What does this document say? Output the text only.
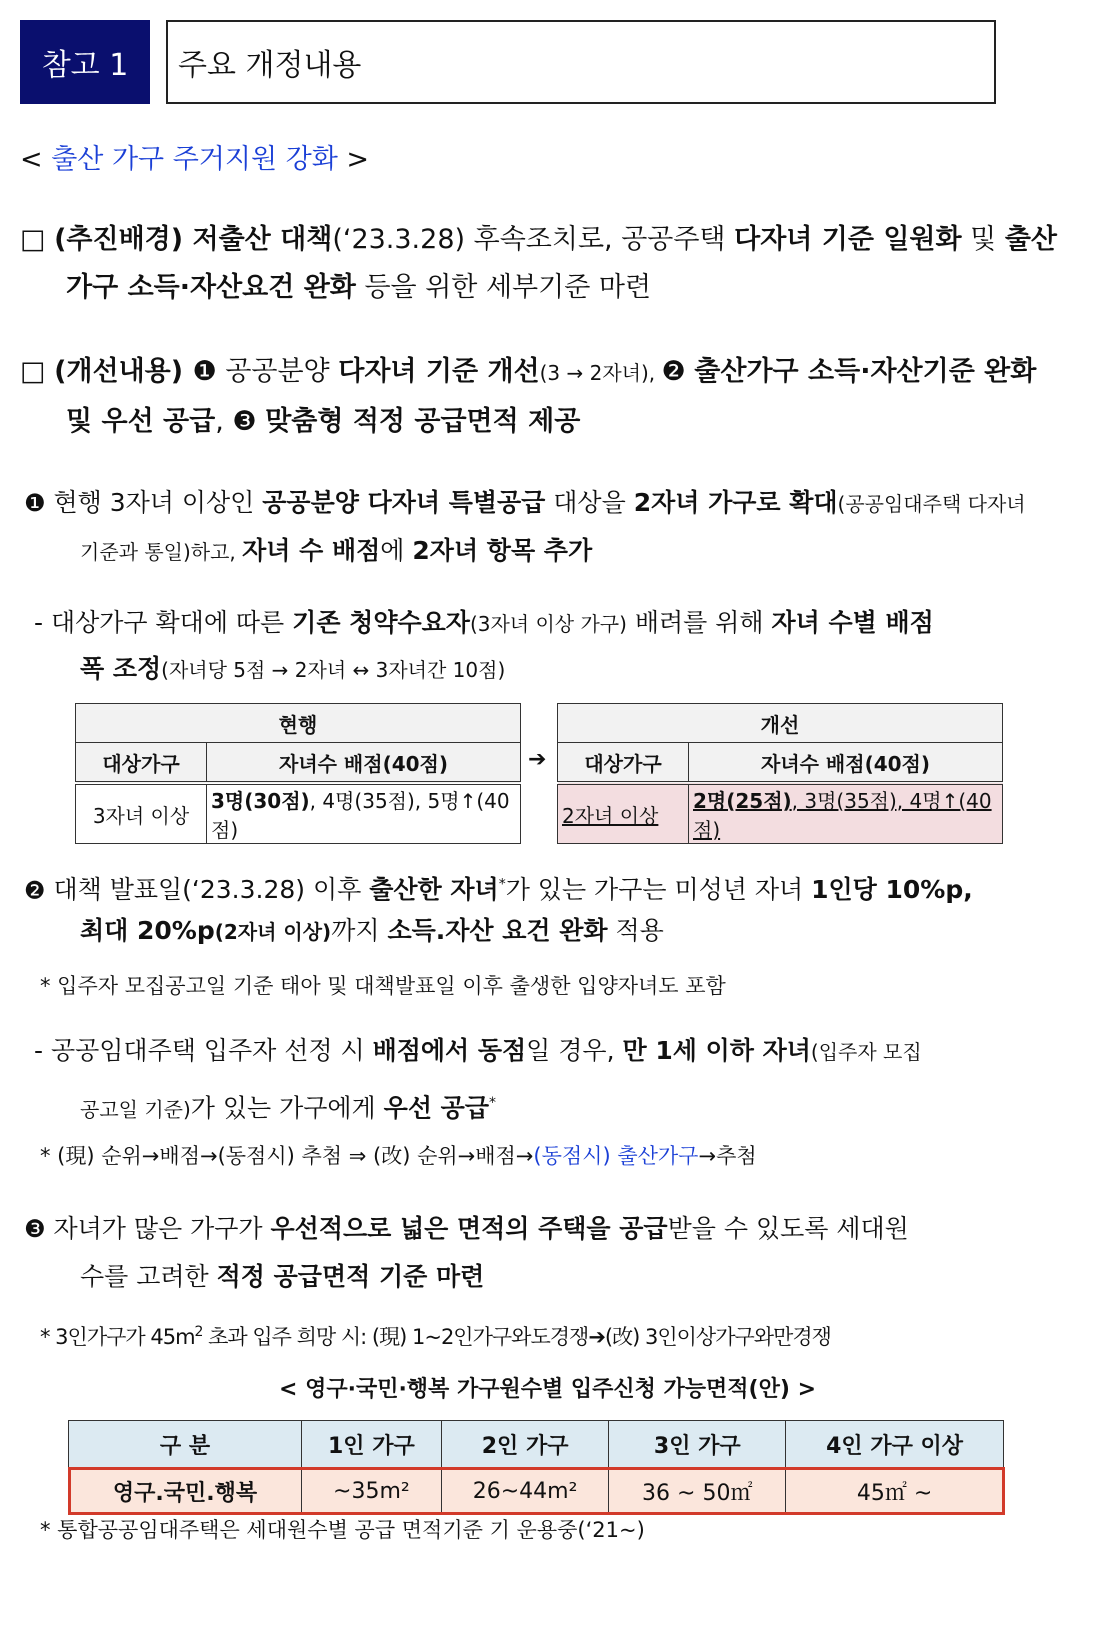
참고 1	주요 개정내용
< 출산 가구 주거지원 강화 >
□ (추진배경) 저출산 대책(‘23.3.28) 후속조치로, 공공주택 다자녀 기준 일원화 및 출산
가구 소득·자산요건 완화 등을 위한 세부기준 마련
□ (개선내용) ❶ 공공분양 다자녀 기준 개선(3 → 2자녀), ❷ 출산가구 소득·자산기준 완화
및 우선 공급, ❸ 맞춤형 적정 공급면적 제공
❶ 현행 3자녀 이상인 공공분양 다자녀 특별공급 대상을 2자녀 가구로 확대(공공임대주택 다자녀
기준과 통일)하고, 자녀 수 배점에 2자녀 항목 추가
- 대상가구 확대에 따른 기존 청약수요자(3자녀 이상 가구) 배려를 위해 자녀 수별 배점
폭 조정(자녀당 5점 → 2자녀 ↔ 3자녀간 10점)
현행	
대상가구	자녀수 배점(40점)
3자녀 이상	3명(30점), 4명(35점), 5명↑(40점)
➔
개선	
대상가구	자녀수 배점(40점)
2자녀 이상	2명(25점), 3명(35점), 4명↑(40점)
❷ 대책 발표일(‘23.3.28) 이후 출산한 자녀*가 있는 가구는 미성년 자녀 1인당 10%p,
최대 20%p(2자녀 이상)까지 소득.자산 요건 완화 적용
* 입주자 모집공고일 기준 태아 및 대책발표일 이후 출생한 입양자녀도 포함
- 공공임대주택 입주자 선정 시 배점에서 동점일 경우, 만 1세 이하 자녀(입주자 모집
공고일 기준)가 있는 가구에게 우선 공급*
* (現) 순위→배점→(동점시) 추첨 ⇒ (改) 순위→배점→(동점시) 출산가구→추첨
❸ 자녀가 많은 가구가 우선적으로 넓은 면적의 주택을 공급받을 수 있도록 세대원
수를 고려한 적정 공급면적 기준 마련
* 3인가구가 $45m^2$ 초과 입주 희망 시: (現) 1~2인가구와도경쟁➔(改) 3인이상가구와만경쟁
< 영구·국민·행복 가구원수별 입주신청 가능면적(안) >
구 분	1인 가구	2인 가구	3인 가구	4인 가구 이상
영구.국민.행복	~35m²	26~44m²	36 ~ 50㎡	45㎡ ~
* 통합공공임대주택은 세대원수별 공급 면적기준 기 운용중(‘21~)
